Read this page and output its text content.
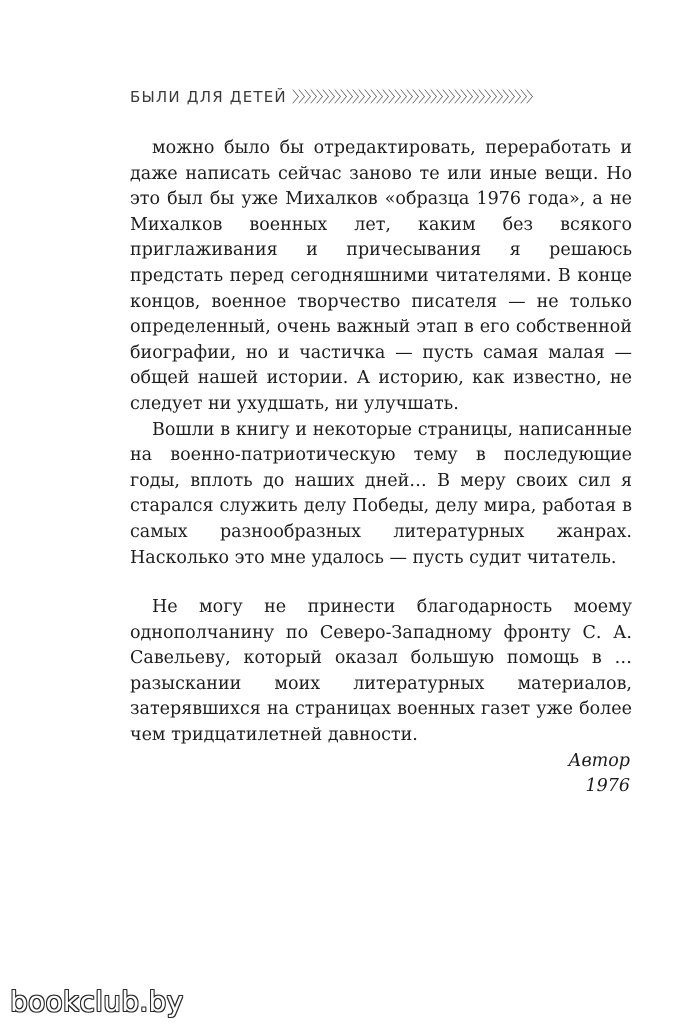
БЫЛИ ДЛЯ ДЕТЕЙ 〉〉〉〉〉〉〉〉〉〉〉〉〉〉〉〉〉〉〉〉〉〉〉〉〉〉〉〉〉〉〉〉〉〉〉〉〉〉〉〉

можно было бы отредактировать, переработать и даже написать сейчас заново те или иные вещи. Но это был бы уже Михалков «образца 1976 года», а не Михалков военных лет, каким без всякого приглаживания и причесывания я решаюсь предстать перед сегодняшними читателями. В конце концов, военное творчество писателя — не только определенный, очень важный этап в его собственной биографии, но и частичка — пусть самая малая — общей нашей истории. А историю, как известно, не следует ни ухудшать, ни улучшать.

Вошли в книгу и некоторые страницы, написанные на военно-патриотическую тему в последующие годы, вплоть до наших дней… В меру своих сил я старался служить делу Победы, делу мира, работая в самых разнообразных литературных жанрах. Насколько это мне удалось — пусть судит читатель.

Не могу не принести благодарность моему однополчанину по Северо-Западному фронту С. А. Савельеву, который оказал большую помощь в … разыскании моих литературных материалов, затерявшихся на страницах военных газет уже более чем тридцатилетней давности.

Автор

1976

bookclub.by
